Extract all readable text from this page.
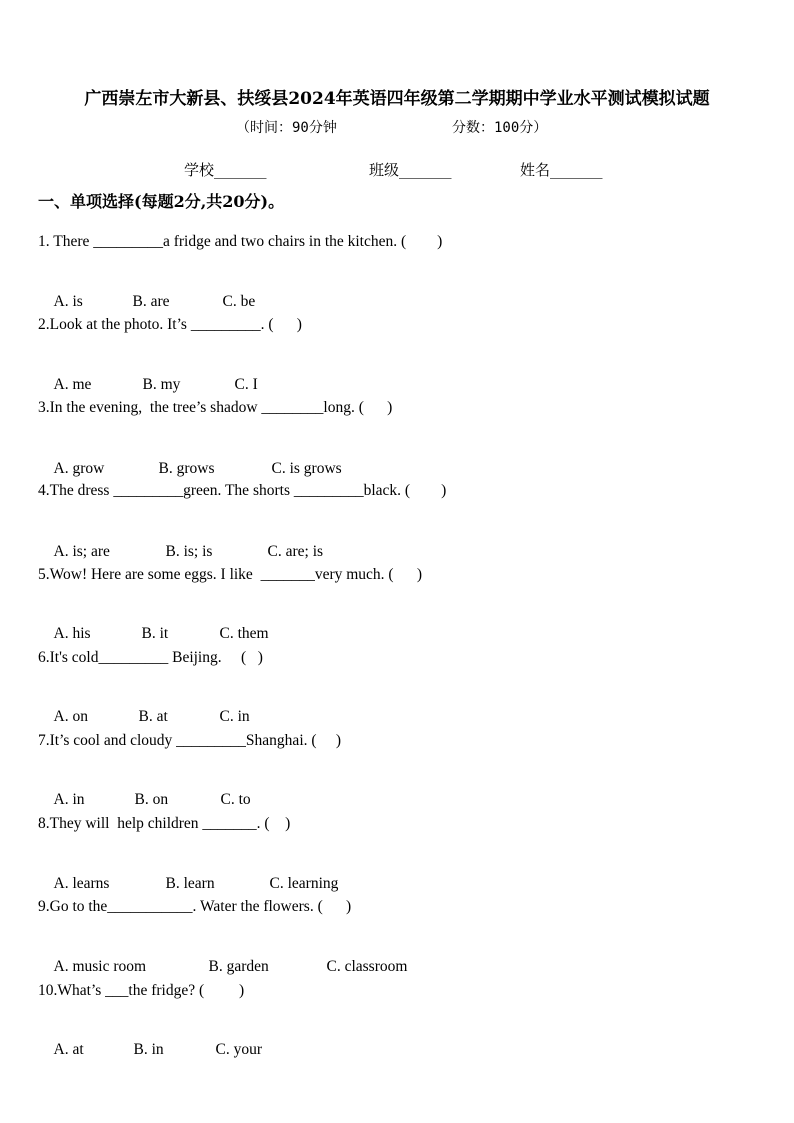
广西崇左市大新县、扶绥县2024年英语四年级第二学期期中学业水平测试模拟试题
（时间：90分钟	分数：100分）
学校_______	班级_______	姓名_______
一、单项选择(每题2分,共20分)。
1. There _________a fridge and two chairs in the kitchen. (        )

A. is	B. are	C. be

2.Look at the photo. It’s _________. (      )

A. me	B. my	C. I

3.In the evening,  the tree’s shadow ________long. (      )

A. grow	B. grows	C. is grows

4.The dress _________green. The shorts _________black. (        )

A. is; are	B. is; is	C. are; is

5.Wow! Here are some eggs. I like  _______very much. (      )

A. his	B. it	C. them

6.It's cold_________ Beijing.     (   )

A. on	B. at	C. in

7.It’s cool and cloudy _________Shanghai. (     )

A. in	B. on	C. to

8.They will  help children _______. (    )

A. learns	B. learn	C. learning

9.Go to the___________. Water the flowers. (      )

A. music room	B. garden	C. classroom

10.What’s ___the fridge? (         )

A. at	B. in	C. your
